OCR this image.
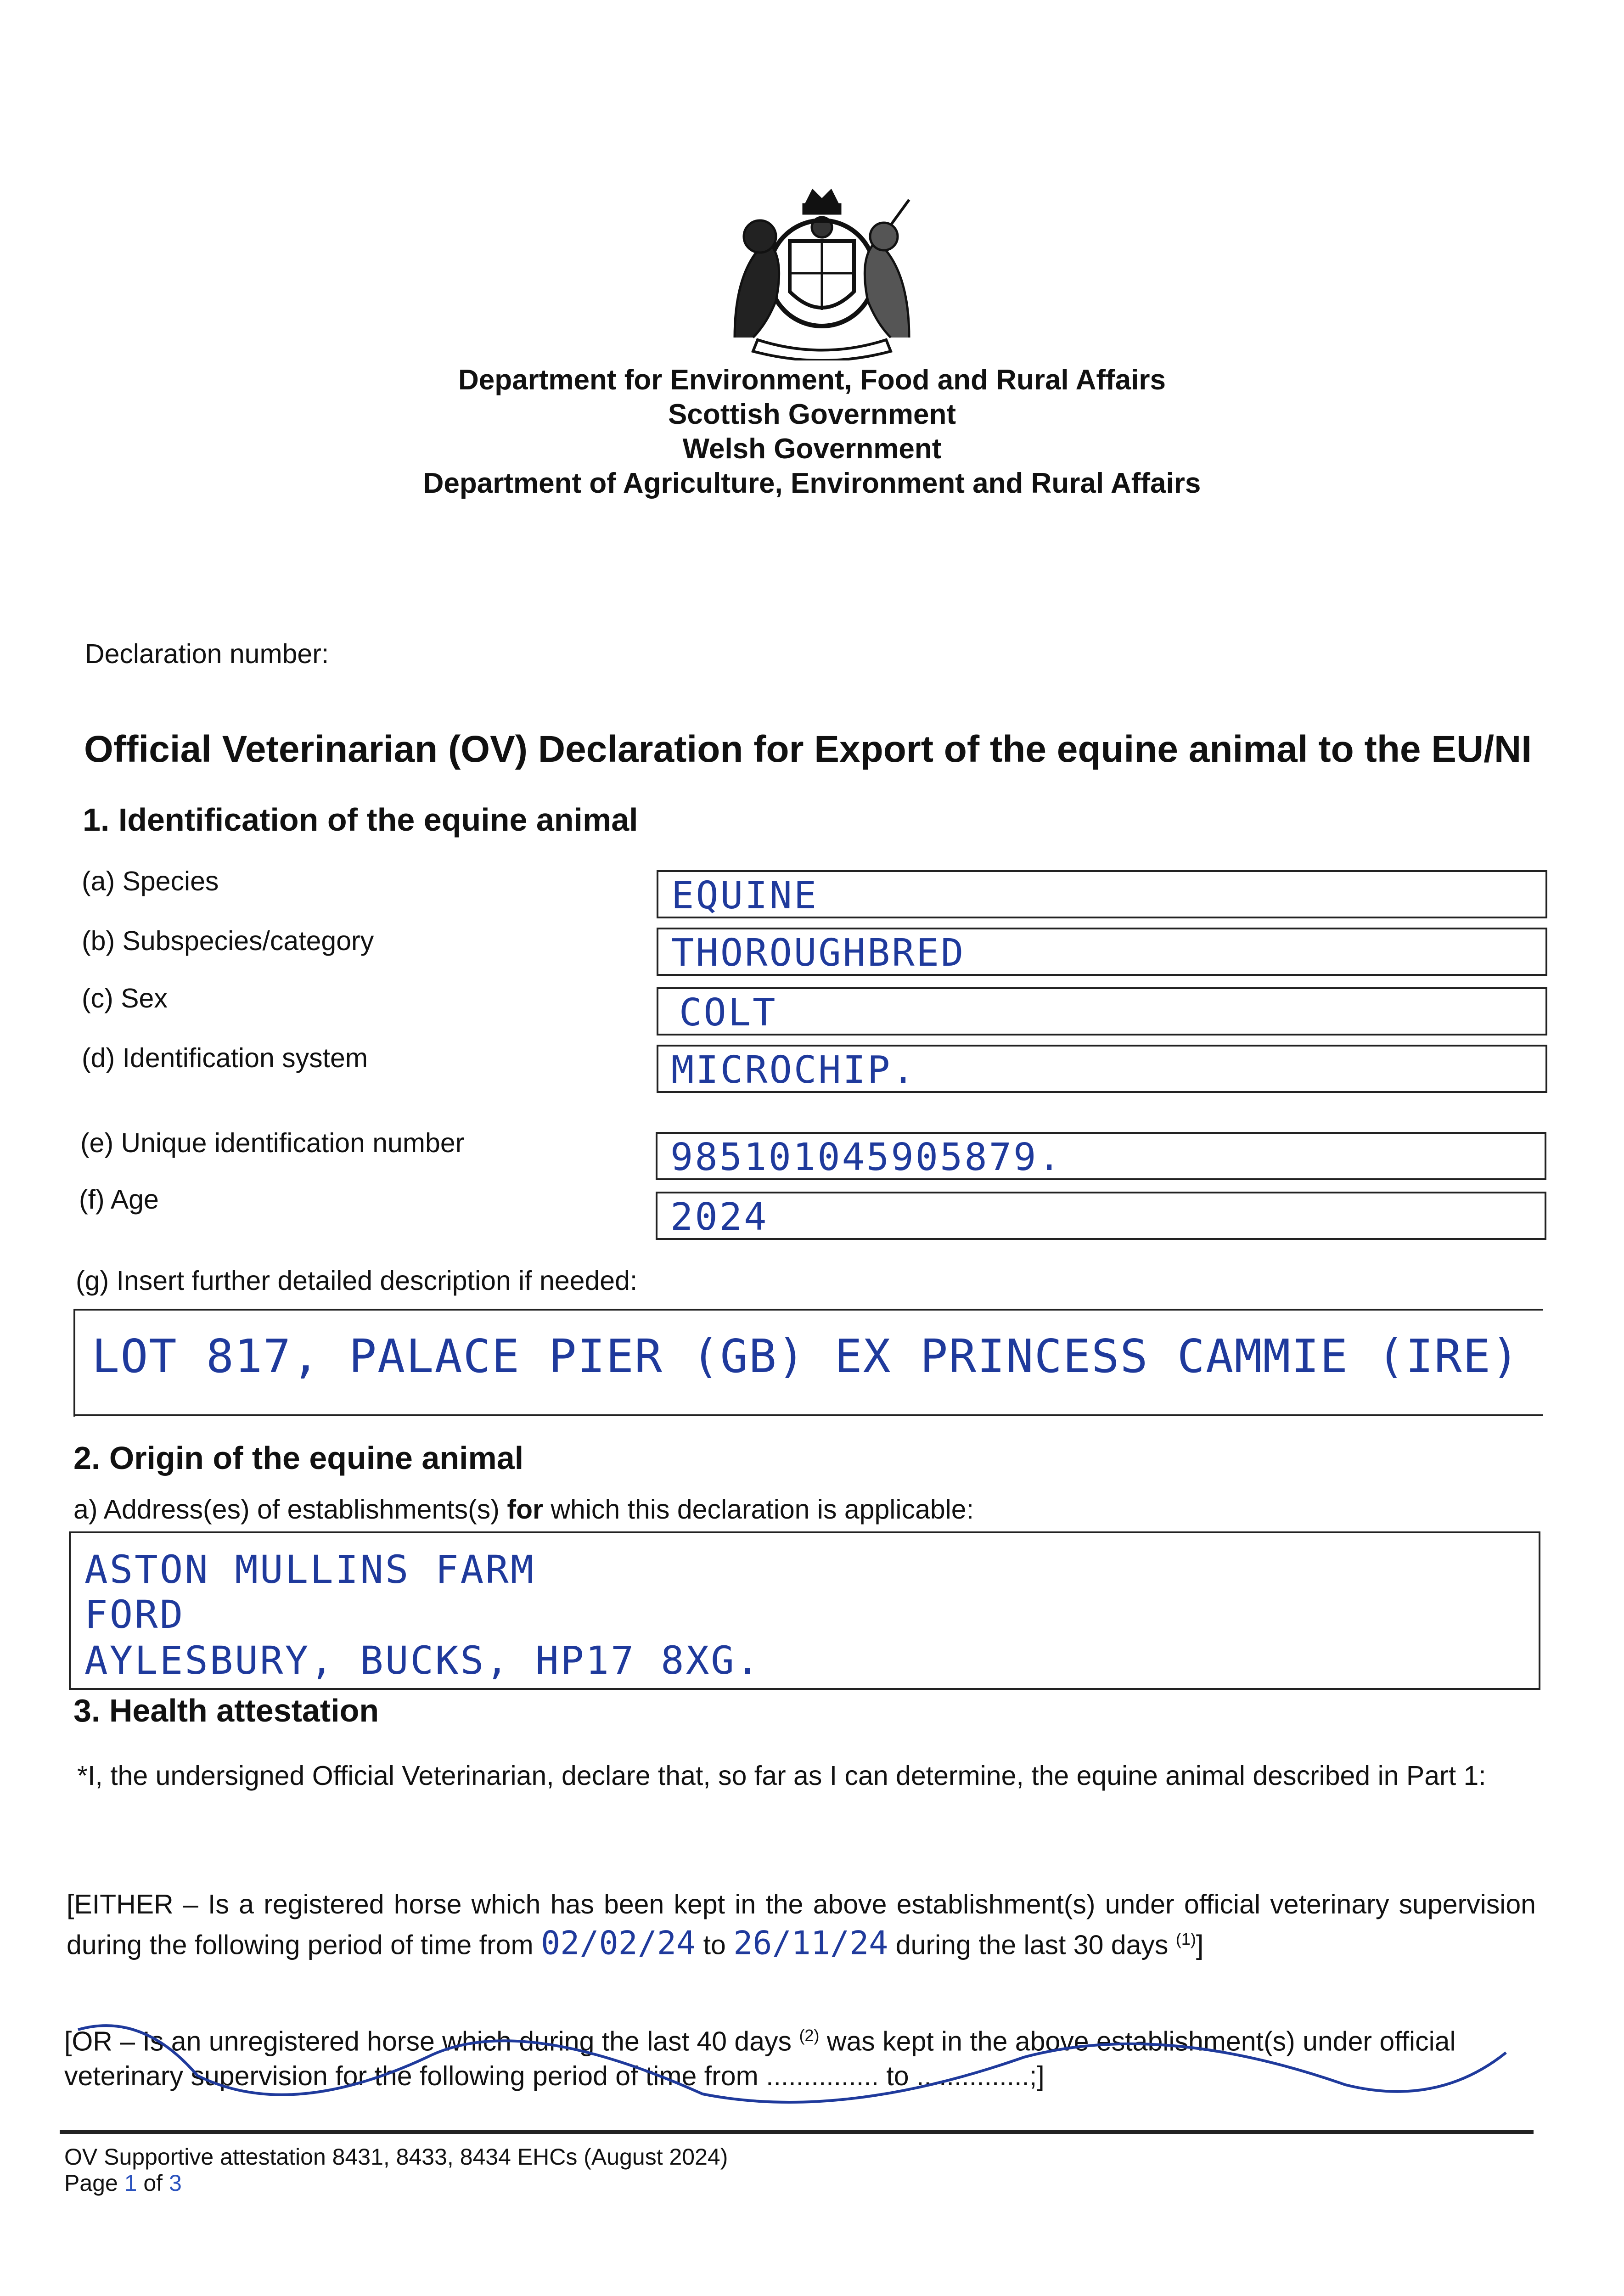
Department for Environment, Food and Rural Affairs
Scottish Government
Welsh Government
Department of Agriculture, Environment and Rural Affairs
Declaration number:
Official Veterinarian (OV) Declaration for Export of the equine animal to the EU/NI
1. Identification of the equine animal
(a) Species	EQUINE
(b) Subspecies/category	THOROUGHBRED
(c) Sex	COLT
(d) Identification system	MICROCHIP.
(e) Unique identification number	985101045905879.
(f) Age	2024
(g) Insert further detailed description if needed:
LOT 817, PALACE PIER (GB) EX PRINCESS CAMMIE (IRE)
2. Origin of the equine animal
a) Address(es) of establishments(s) for which this declaration is applicable:
ASTON MULLINS FARM
FORD
AYLESBURY, BUCKS, HP17 8XG.
3. Health attestation
*I, the undersigned Official Veterinarian, declare that, so far as I can determine, the equine animal described in Part 1:
[EITHER – Is a registered horse which has been kept in the above establishment(s) under official veterinary supervision during the following period of time from 02/02/24 to 26/11/24 during the last 30 days $^{(1)}$]
[OR – Is an unregistered horse which during the last 40 days $^{(2)}$ was kept in the above establishment(s) under official veterinary supervision for the following period of time from ............... to ...............;]
OV Supportive attestation 8431, 8433, 8434 EHCs (August 2024)
Page 1 of 3
